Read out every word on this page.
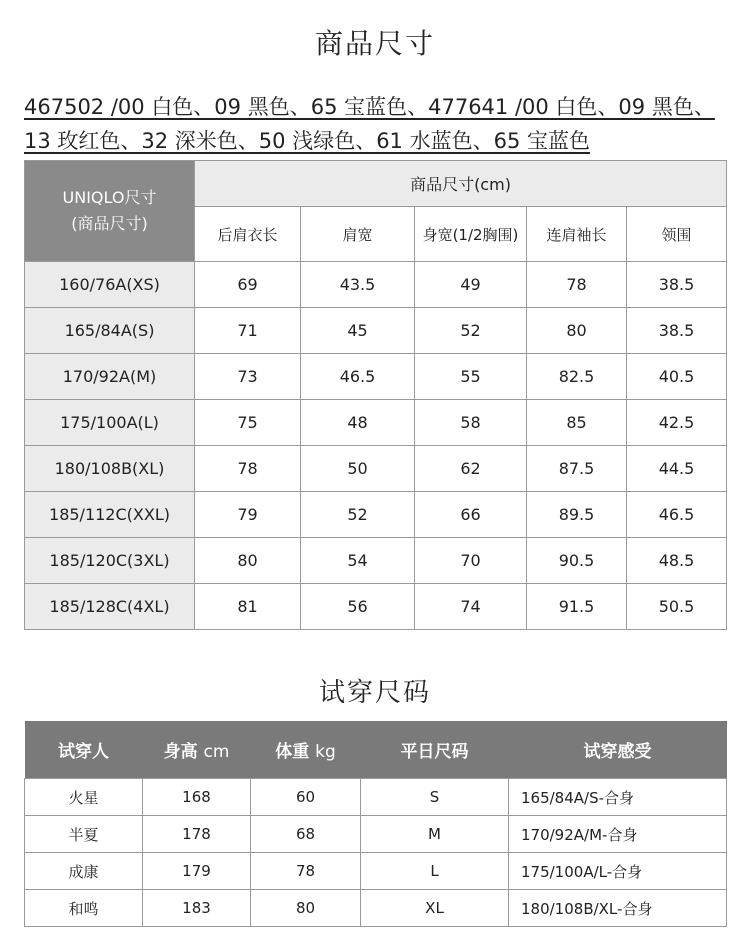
商品尺寸
467502 /00 白色、09 黑色、65 宝蓝色、477641 /00 白色、09 黑色、13 玫红色、32 深米色、50 浅绿色、61 水蓝色、65 宝蓝色
UNIQLO尺寸
(商品尺寸)	商品尺寸(cm)				
	后肩衣长	肩宽	身宽(1/2胸围)	连肩袖长	领围
160/76A(XS)	69	43.5	49	78	38.5
165/84A(S)	71	45	52	80	38.5
170/92A(M)	73	46.5	55	82.5	40.5
175/100A(L)	75	48	58	85	42.5
180/108B(XL)	78	50	62	87.5	44.5
185/112C(XXL)	79	52	66	89.5	46.5
185/120C(3XL)	80	54	70	90.5	48.5
185/128C(4XL)	81	56	74	91.5	50.5
试穿尺码
试穿人	身高 cm	体重 kg	平日尺码	试穿感受
火星	168	60	S	165/84A/S-合身
半夏	178	68	M	170/92A/M-合身
成康	179	78	L	175/100A/L-合身
和鸣	183	80	XL	180/108B/XL-合身
